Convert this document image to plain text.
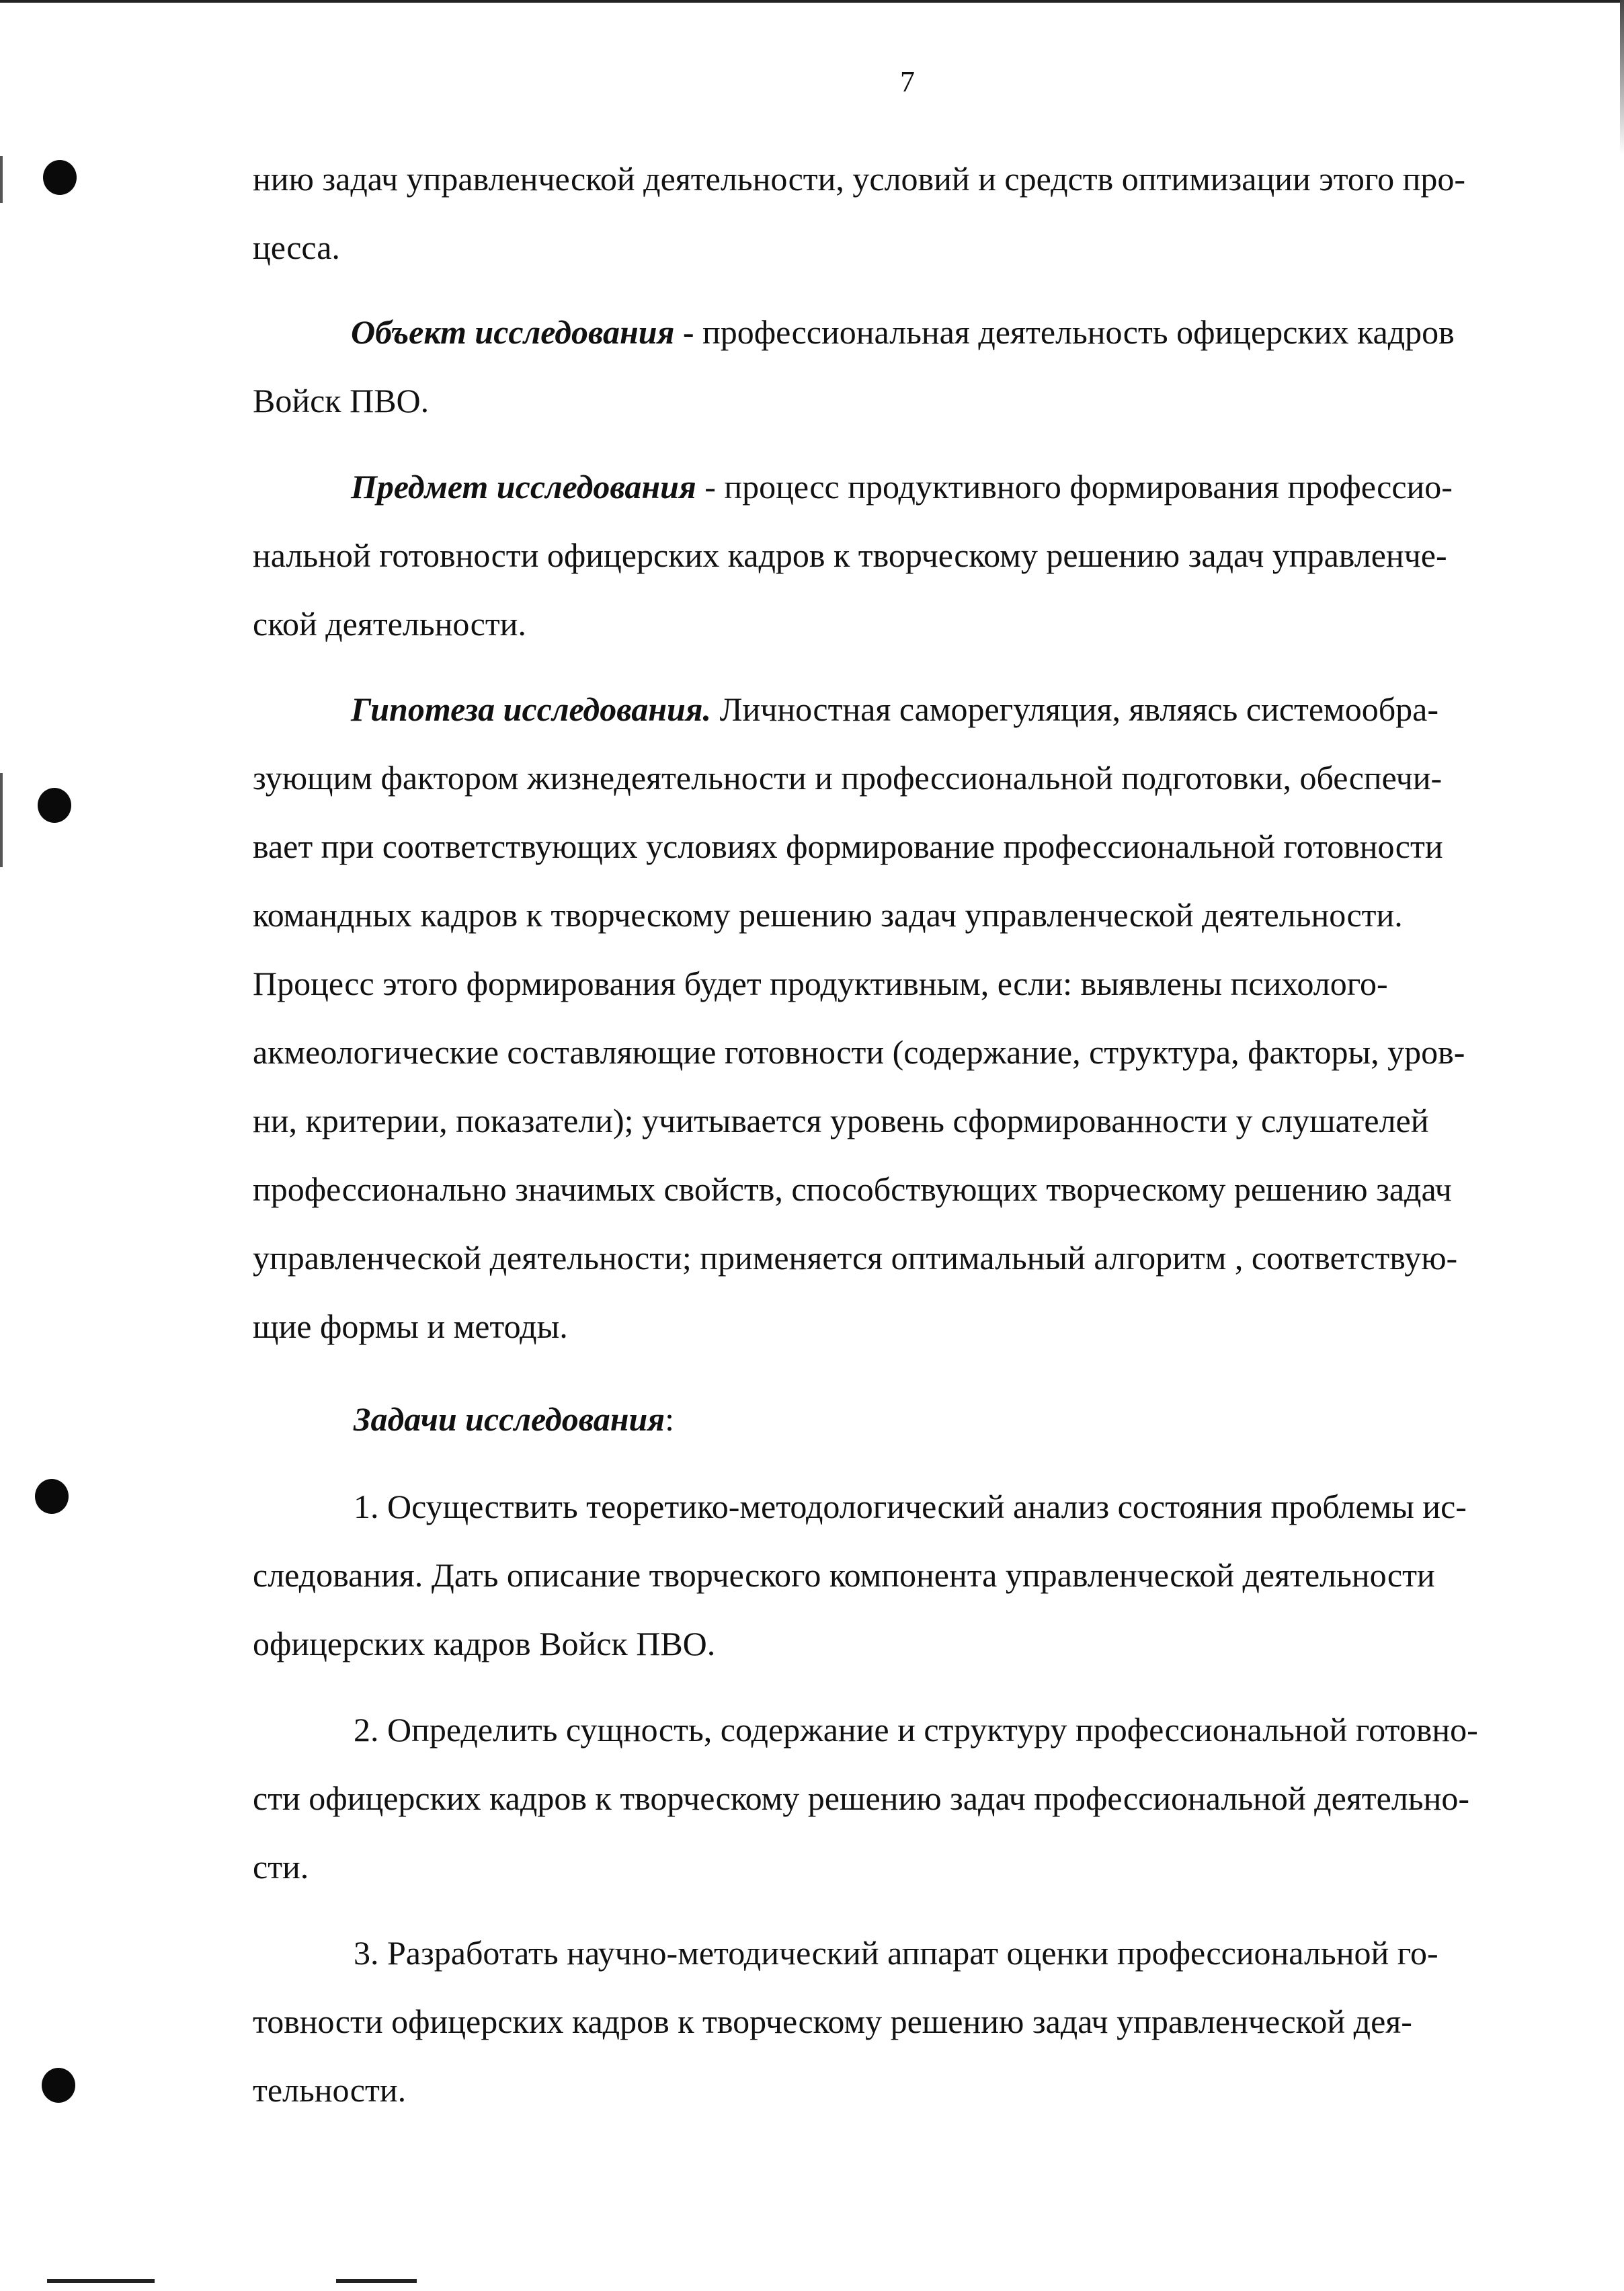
7
нию задач управленческой деятельности, условий и средств оптимизации этого про-
цесса.
Объект исследования - профессиональная деятельность офицерских кадров
Войск ПВО.
Предмет исследования - процесс продуктивного формирования профессио-
нальной готовности офицерских кадров к творческому решению задач управленче-
ской деятельности.
Гипотеза исследования. Личностная саморегуляция, являясь системообра-
зующим фактором жизнедеятельности и профессиональной подготовки, обеспечи-
вает при соответствующих условиях формирование профессиональной готовности
командных кадров к творческому решению задач управленческой деятельности.
Процесс этого формирования будет продуктивным, если: выявлены психолого-
акмеологические составляющие готовности (содержание, структура, факторы, уров-
ни, критерии, показатели); учитывается уровень сформированности у слушателей
профессионально значимых свойств, способствующих творческому решению задач
управленческой деятельности; применяется оптимальный алгоритм , соответствую-
щие формы и методы.
Задачи исследования:
1. Осуществить теоретико-методологический анализ состояния проблемы ис-
следования. Дать описание творческого компонента управленческой деятельности
офицерских кадров Войск ПВО.
2. Определить сущность, содержание и структуру профессиональной готовно-
сти офицерских кадров к творческому решению задач профессиональной деятельно-
сти.
3. Разработать научно-методический аппарат оценки профессиональной го-
товности офицерских кадров к творческому решению задач управленческой дея-
тельности.
